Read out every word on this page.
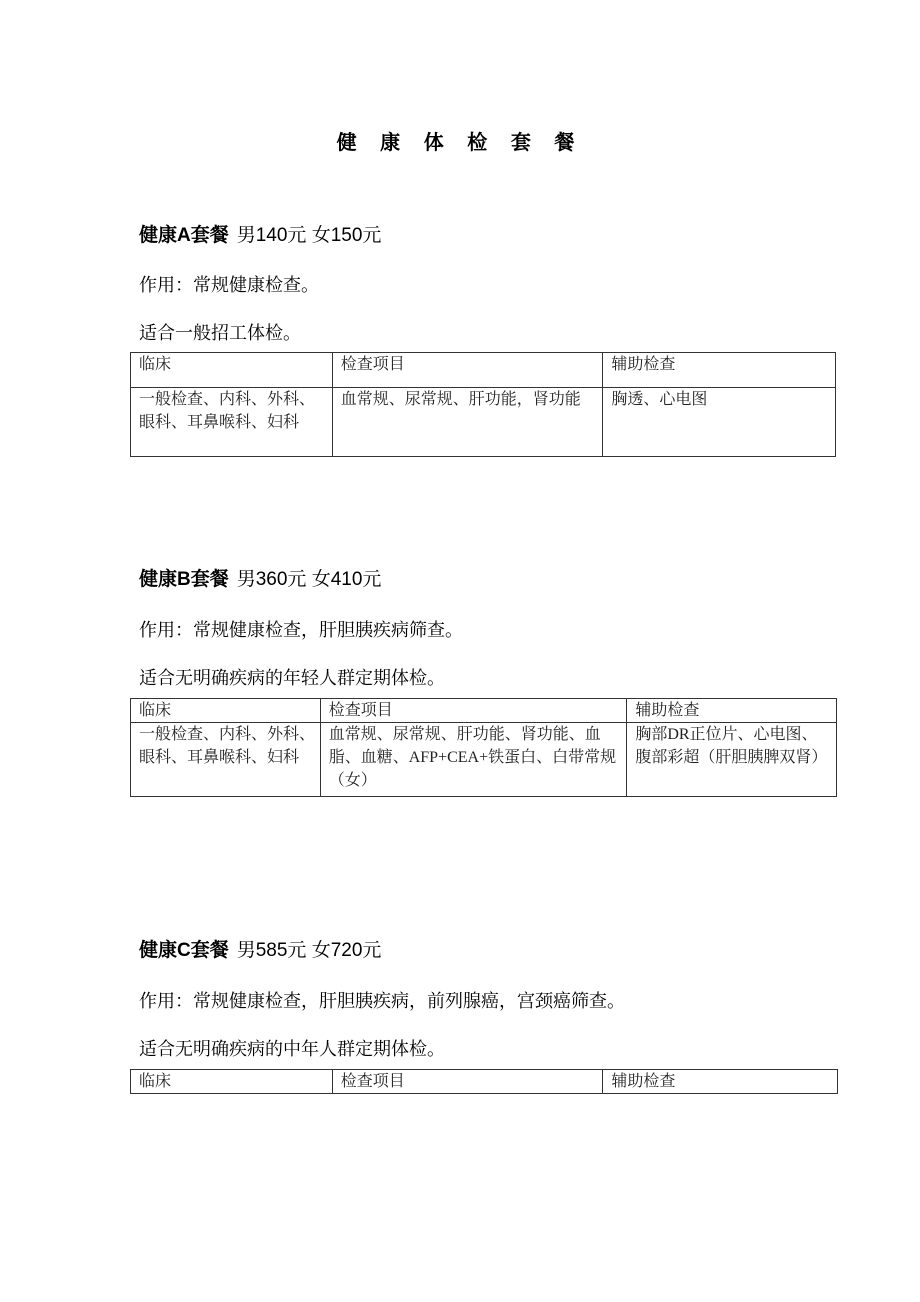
健 康 体 检 套 餐

健康A套餐 男140元 女150元

作用：常规健康检查。

适合一般招工体检。

临床	检查项目	辅助检查
一般检查、内科、外科、眼科、耳鼻喉科、妇科	血常规、尿常规、肝功能，肾功能	胸透、心电图

健康B套餐 男360元 女410元

作用：常规健康检查，肝胆胰疾病筛查。

适合无明确疾病的年轻人群定期体检。

临床	检查项目	辅助检查
一般检查、内科、外科、眼科、耳鼻喉科、妇科	血常规、尿常规、肝功能、肾功能、血脂、血糖、AFP+CEA+铁蛋白、白带常规（女）	胸部DR正位片、心电图、腹部彩超（肝胆胰脾双肾）

健康C套餐 男585元 女720元

作用：常规健康检查，肝胆胰疾病，前列腺癌，宫颈癌筛查。

适合无明确疾病的中年人群定期体检。

临床	检查项目	辅助检查
